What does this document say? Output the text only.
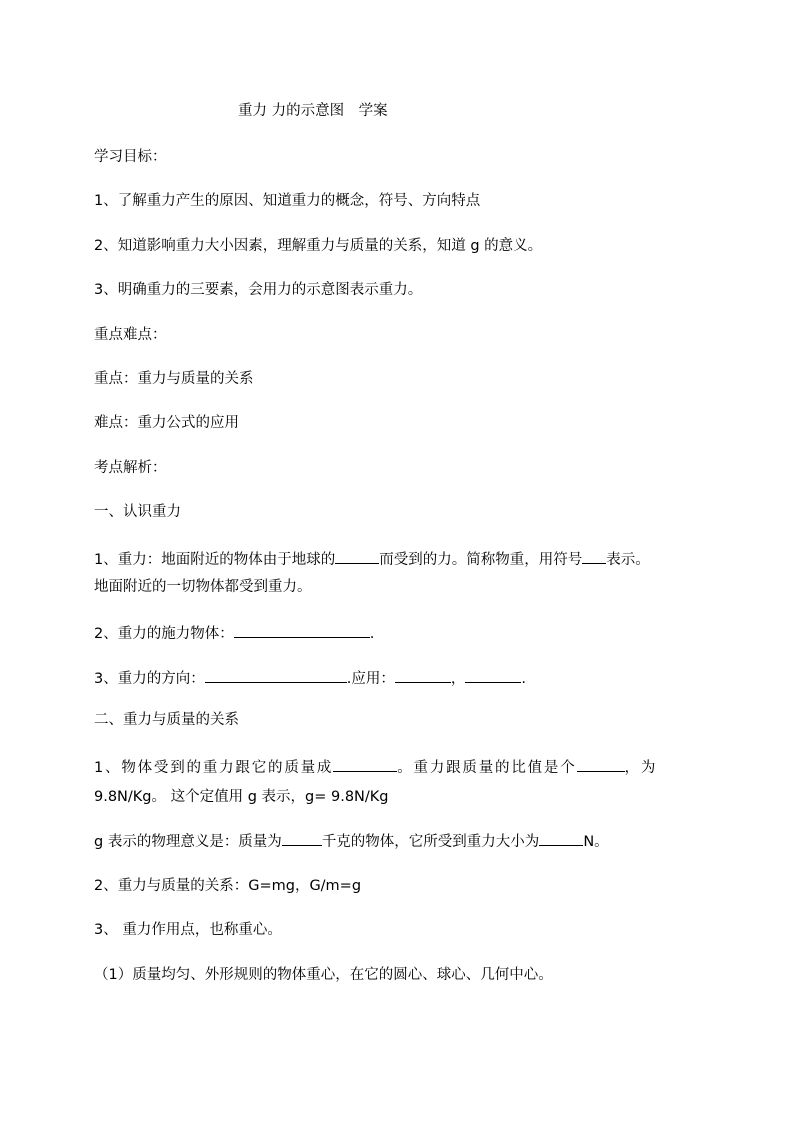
重力 力的示意图　学案
学习目标：
1、了解重力产生的原因、知道重力的概念，符号、方向特点
2、知道影响重力大小因素，理解重力与质量的关系，知道 g 的意义。
3、明确重力的三要素，会用力的示意图表示重力。
重点难点：
重点：重力与质量的关系
难点：重力公式的应用
考点解析：
一、认识重力
1、重力：地面附近的物体由于地球的	而受到的力。简称物重，用符号 表示。
地面附近的一切物体都受到重力。
2、重力的施力物体：	.
3、重力的方向：	.应用：	，	.
二、重力与质量的关系
1、物体受到的重力跟它的质量成	。重力跟质量的比值是个	，为
9.8N/Kg。 这个定值用 g 表示，g= 9.8N/Kg
g 表示的物理意义是：质量为	千克的物体，它所受到重力大小为	N。
2、重力与质量的关系：G=mg，G/m=g
3、 重力作用点，也称重心。
（1）质量均匀、外形规则的物体重心，在它的圆心、球心、几何中心。
